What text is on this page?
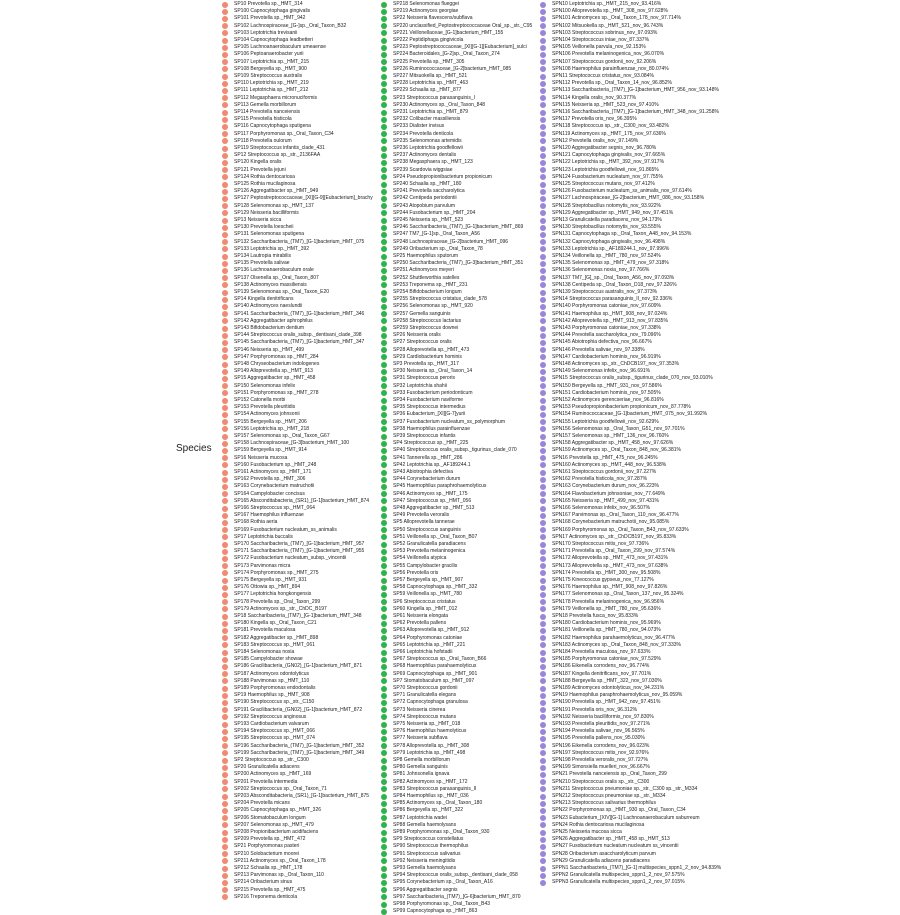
Species
SP10 Prevotella sp._HMT_314
SP100 Capnocytophaga gingivalis
SP101 Prevotella sp._HMT_942
SP102 Lachnospiraceae_[G-]sp._Oral_Taxon_B32
SP103 Leptotrichia trevisanii
SP104 Capnocytophaga leadbetteri
SP105 Lachnoanaerobaculum umeaense
SP106 Peptoanaerobacter yurii
SP107 Leptotrichia sp._HMT_215
SP108 Bergeyella sp._HMT_900
SP109 Streptococcus australis
SP110 Leptotrichia sp._HMT_219
SP111 Leptotrichia sp._HMT_212
SP112 Megasphaera micronuciformis
SP113 Gemella morbillorum
SP114 Prevotella nanceiensis
SP115 Prevotella histicola
SP116 Capnocytophaga sputigena
SP117 Porphyromonas sp._Oral_Taxon_C34
SP118 Prevotella oulorum
SP119 Streptococcus infantis_clade_431
SP12 Streptococcus sp._str._2136FAA
SP120 Kingella oralis
SP121 Prevotella jejuni
SP124 Rothia dentocariosa
SP125 Rothia mucilaginosa
SP126 Aggregatibacter sp._HMT_949
SP127 Peptostreptococcaceae_[XI][G-9][Eubacterium]_brachy
SP128 Selenomonas sp._HMT_137
SP129 Neisseria bacilliformis
SP13 Neisseria sicca
SP130 Prevotella loescheii
SP131 Selenomonas sputigena
SP132 Saccharibacteria_(TM7)_[G-1]bacterium_HMT_075
SP133 Leptotrichia sp._HMT_392
SP134 Lautropia mirabilis
SP135 Prevotella salivae
SP136 Lachnoanaerobaculum orale
SP137 Olsenella sp._Oral_Taxon_807
SP138 Actinomyces massiliensis
SP139 Selenomonas sp._Oral_Taxon_E20
SP14 Kingella denitrificans
SP140 Actinomyces naeslundii
SP141 Saccharibacteria_(TM7)_[G-1]bacterium_HMT_346
SP142 Aggregatibacter aphrophilus
SP143 Bifidobacterium dentium
SP144 Streptococcus oralis_subsp._dentisani_clade_398
SP145 Saccharibacteria_(TM7)_[G-1]bacterium_HMT_347
SP146 Neisseria sp._HMT_499
SP147 Porphyromonas sp._HMT_284
SP148 Chryseobacterium indologenes
SP149 Alloprevotella sp._HMT_913
SP15 Aggregatibacter sp._HMT_458
SP150 Selenomonas infelix
SP151 Porphyromonas sp._HMT_278
SP152 Catonella morbi
SP153 Prevotella pleuritidis
SP154 Actinomyces johnsonii
SP155 Bergeyella sp._HMT_206
SP156 Leptotrichia sp._HMT_218
SP157 Selenomonas sp._Oral_Taxon_G67
SP158 Lachnospiraceae_[G-3]bacterium_HMT_100
SP159 Bergeyella sp._HMT_914
SP16 Neisseria mucosa
SP160 Fusobacterium sp._HMT_248
SP161 Actinomyces sp._HMT_171
SP162 Prevotella sp._HMT_306
SP163 Corynebacterium matruchotii
SP164 Campylobacter concisus
SP165 Absconditabacteria_(SR1)_[G-1]bacterium_HMT_874
SP166 Streptococcus sp._HMT_064
SP167 Haemophilus influenzae
SP168 Rothia aeria
SP169 Fusobacterium nucleatum_ss_animalis
SP17 Leptotrichia buccalis
SP170 Saccharibacteria_(TM7)_[G-1]bacterium_HMT_957
SP171 Saccharibacteria_(TM7)_[G-1]bacterium_HMT_955
SP172 Fusobacterium nucleatum_subsp._vincentii
SP173 Parvimonas micra
SP174 Porphyromonas sp._HMT_275
SP175 Bergeyella sp._HMT_931
SP176 Ottowia sp._HMT_894
SP177 Leptotrichia hongkongensis
SP178 Prevotella sp._Oral_Taxon_299
SP179 Actinomyces sp._str._ChDC_B197
SP18 Saccharibacteria_(TM7)_[G-1]bacterium_HMT_348
SP180 Kingella sp._Oral_Taxon_C21
SP181 Prevotella maculosa
SP182 Aggregatibacter sp._HMT_898
SP183 Streptococcus sp._HMT_061
SP184 Selenomonas noxia
SP185 Campylobacter showae
SP186 Gracilibacteria_(GN02)_[G-1]bacterium_HMT_871
SP187 Actinomyces odontolyticus
SP188 Parvimonas sp._HMT_110
SP189 Porphyromonas endodontalis
SP19 Haemophilus sp._HMT_908
SP190 Streptococcus sp._str._C150
SP191 Gracilibacteria_(GN02)_[G-1]bacterium_HMT_872
SP192 Streptococcus anginosus
SP193 Cardiobacterium valvarum
SP194 Streptococcus sp._HMT_066
SP195 Streptococcus sp._HMT_074
SP196 Saccharibacteria_(TM7)_[G-1]bacterium_HMT_352
SP199 Saccharibacteria_(TM7)_[G-1]bacterium_HMT_349
SP2 Streptococcus sp._str._C300
SP20 Granulicatella adiacens
SP200 Actinomyces sp._HMT_169
SP201 Prevotella intermedia
SP202 Streptococcus sp._Oral_Taxon_71
SP203 Absconditabacteria_(SR1)_[G-1]bacterium_HMT_875
SP204 Prevotella micans
SP205 Capnocytophaga sp._HMT_326
SP206 Stomatobaculum longum
SP207 Selenomonas sp._HMT_479
SP208 Propionibacterium acidifaciens
SP209 Prevotella sp._HMT_472
SP21 Porphyromonas pasteri
SP210 Solobacterium moorei
SP211 Actinomyces sp._Oral_Taxon_178
SP212 Schaalia sp._HMT_178
SP213 Parvimonas sp._Oral_Taxon_110
SP214 Oribacterium sinus
SP215 Prevotella sp._HMT_475
SP216 Treponema denticola
SP218 Selenomonas flueggei
SP219 Actinomyces georgiae
SP22 Neisseria flavescens/subflava
SP220 unclassified_Peptostreptococcaceae Oral_sp._str._C95
SP221 Veillonellaceae_[G-1]bacterium_HMT_155
SP222 Peptidiphaga gingivicola
SP223 Peptostreptococcaceae_[XI][G-1][Eubacterium]_sulci
SP224 Bacteroidales_[G-2]sp._Oral_Taxon_274
SP225 Prevotella sp._HMT_305
SP226 Ruminococcaceae_[G-2]bacterium_HMT_085
SP227 Mitsuokella sp._HMT_521
SP228 Leptotrichia sp._HMT_463
SP229 Schaalia sp._HMT_877
SP23 Streptococcus parasanguinis_I
SP230 Actinomyces sp._Oral_Taxon_848
SP231 Leptotrichia sp._HMT_879
SP232 Colibacter massiliensis
SP233 Dialister invisus
SP234 Prevotella denticola
SP235 Selenomonas artemidis
SP236 Leptotrichia goodfellowii
SP237 Actinomyces dentalis
SP238 Megasphaera sp._HMT_123
SP239 Scardovia wiggsiae
SP24 Pseudopropionibacterium propionicum
SP240 Schaalia sp._HMT_180
SP241 Prevotella saccharolytica
SP242 Centipeda periodontii
SP243 Atopobium parvulum
SP244 Fusobacterium sp._HMT_204
SP245 Neisseria sp._HMT_523
SP246 Saccharibacteria_(TM7)_[G-1]bacterium_HMT_869
SP247 TM7_[G-1]sp._Oral_Taxon_A56
SP248 Lachnospiraceae_[G-2]bacterium_HMT_096
SP249 Oribacterium sp._Oral_Taxon_78
SP25 Haemophilus sputorum
SP250 Saccharibacteria_(TM7)_[G-3]bacterium_HMT_351
SP251 Actinomyces meyeri
SP252 Shuttleworthia satelles
SP253 Treponema sp._HMT_231
SP254 Bifidobacterium longum
SP255 Streptococcus cristatus_clade_578
SP256 Selenomonas sp._HMT_920
SP257 Gemella sanguinis
SP258 Streptococcus lactarius
SP259 Streptococcus downei
SP26 Neisseria oralis
SP27 Streptococcus oralis
SP28 Alloprevotella sp._HMT_473
SP29 Cardiobacterium hominis
SP3 Prevotella sp._HMT_317
SP30 Neisseria sp._Oral_Taxon_14
SP31 Streptococcus peroris
SP32 Leptotrichia shahii
SP33 Fusobacterium periodonticum
SP34 Fusobacterium naviforme
SP35 Streptococcus intermedius
SP36 Eubacterium_[XI][G-7]yurii
SP37 Fusobacterium nucleatum_ss_polymorphum
SP38 Haemophilus parainfluenzae
SP39 Streptococcus infantis
SP4 Streptococcus sp._HMT_225
SP40 Streptococcus oralis_subsp._tigurinus_clade_070
SP41 Tannerella sp._HMT_286
SP42 Leptotrichia sp._AF189244.1
SP43 Abiotrophia defectiva
SP44 Corynebacterium durum
SP45 Haemophilus paraphrohaemolyticus
SP46 Actinomyces sp._HMT_175
SP47 Streptococcus sp._HMT_056
SP48 Aggregatibacter sp._HMT_513
SP49 Prevotella veroralis
SP5 Alloprevotella tannerae
SP50 Streptococcus sanguinis
SP51 Veillonella sp._Oral_Taxon_B07
SP52 Granulicatella paradiacens
SP53 Prevotella melaninogenica
SP54 Veillonella atypica
SP55 Campylobacter gracilis
SP56 Prevotella oris
SP57 Bergeyella sp._HMT_907
SP58 Capnocytophaga sp._HMT_332
SP59 Veillonella sp._HMT_780
SP6 Streptococcus cristatus
SP60 Kingella sp._HMT_012
SP61 Neisseria elongata
SP62 Prevotella pallens
SP63 Alloprevotella sp._HMT_912
SP64 Porphyromonas catoniae
SP65 Leptotrichia sp._HMT_221
SP66 Leptotrichia hofstadii
SP67 Streptococcus sp._Oral_Taxon_B66
SP68 Haemophilus parahaemolyticus
SP69 Capnocytophaga sp._HMT_901
SP7 Stomatobaculum sp._HMT_097
SP70 Streptococcus gordonii
SP71 Granulicatella elegans
SP72 Capnocytophaga granulosa
SP73 Neisseria cinerea
SP74 Streptococcus mutans
SP75 Neisseria sp._HMT_018
SP76 Haemophilus haemolyticus
SP77 Neisseria subflava
SP78 Alloprevotella sp._HMT_308
SP79 Leptotrichia sp._HMT_498
SP8 Gemella morbillorum
SP80 Gemella sanguinis
SP81 Johnsonella ignava
SP82 Actinomyces sp._HMT_172
SP83 Streptococcus parasanguinis_II
SP84 Haemophilus sp._HMT_036
SP85 Actinomyces sp._Oral_Taxon_180
SP86 Bergeyella sp._HMT_322
SP87 Leptotrichia wadei
SP88 Gemella haemolysans
SP89 Porphyromonas sp._Oral_Taxon_930
SP9 Streptococcus constellatus
SP90 Streptococcus thermophilus
SP91 Streptococcus salivarius
SP92 Neisseria meningitidis
SP93 Gemella haemolysans
SP94 Streptococcus oralis_subsp._dentisani_clade_058
SP95 Corynebacterium sp._Oral_Taxon_A16
SP96 Aggregatibacter segnis
SP97 Saccharibacteria_(TM7)_[G-6]bacterium_HMT_870
SP98 Porphyromonas sp._Oral_Taxon_B43
SP99 Capnocytophaga sp._HMT_863
SPN10 Leptotrichia sp._HMT_215_nov_93.416%
SPN100 Alloprevotella sp._HMT_308_nov_97.628%
SPN101 Actinomyces sp._Oral_Taxon_178_nov_97.714%
SPN102 Mitsuokella sp._HMT_521_nov_96.743%
SPN103 Streptococcus sobrinus_nov_97.093%
SPN104 Streptococcus iniae_nov_87.337%
SPN105 Veillonella parvula_nov_92.153%
SPN106 Prevotella melaninogenica_nov_96.070%
SPN107 Streptococcus gordonii_nov_92.206%
SPN108 Haemophilus parainfluenzae_nov_80.074%
SPN11 Streptococcus cristatus_nov_93.084%
SPN112 Prevotella sp._Oral_Taxon_14_nov_96.852%
SPN113 Saccharibacteria_(TM7)_[G-1]bacterium_HMT_956_nov_93.148%
SPN114 Kingella oralis_nov_90.377%
SPN115 Neisseria sp._HMT_523_nov_97.410%
SPN116 Saccharibacteria_(TM7)_[G-1]bacterium_HMT_348_nov_91.258%
SPN117 Prevotella oris_nov_96.395%
SPN118 Streptococcus sp._str._C300_nov_93.482%
SPN119 Actinomyces sp._HMT_175_nov_97.636%
SPN12 Prevotella oralis_nov_97.149%
SPN120 Aggregatibacter segnis_nov_96.780%
SPN121 Capnocytophaga gingivalis_nov_97.665%
SPN122 Leptotrichia sp._HMT_392_nov_97.917%
SPN123 Leptotrichia goodfellowii_nov_91.865%
SPN124 Fusobacterium nucleatum_nov_97.755%
SPN125 Streptococcus mutans_nov_97.412%
SPN126 Fusobacterium nucleatum_ss_animalis_nov_97.614%
SPN127 Lachnospiraceae_[G-2]bacterium_HMT_086_nov_93.158%
SPN128 Streptobacillus notomytis_nov_93.922%
SPN129 Aggregatibacter sp._HMT_949_nov_97.451%
SPN13 Granulicatella paradiacens_nov_94.173%
SPN130 Streptobacillus notomytis_nov_93.555%
SPN131 Capnocytophaga sp._Oral_Taxon_A48_nov_94.153%
SPN132 Capnocytophaga gingivalis_nov_96.498%
SPN133 Leptotrichia sp._AF189244.1_nov_97.996%
SPN134 Veillonella sp._HMT_780_nov_97.524%
SPN135 Selenomonas sp._HMT_479_nov_97.318%
SPN136 Selenomonas noxia_nov_97.766%
SPN137 TM7_[G]_sp._Oral_Taxon_A56_nov_97.093%
SPN138 Centipeda sp._Oral_Taxon_D18_nov_97.326%
SPN139 Streptococcus australis_nov_97.373%
SPN14 Streptococcus parasanguinis_II_nov_92.336%
SPN140 Porphyromonas catoniae_nov_97.609%
SPN141 Haemophilus sp._HMT_908_nov_97.024%
SPN142 Alloprevotella sp._HMT_913_nov_97.835%
SPN143 Porphyromonas catoniae_nov_97.338%
SPN144 Prevotella saccharolytica_nov_79.096%
SPN145 Abiotrophia defectiva_nov_96.667%
SPN146 Prevotella salivae_nov_97.338%
SPN147 Cardiobacterium hominis_nov_96.919%
SPN148 Actinomyces sp._str._ChDCB197_nov_97.353%
SPN149 Selenomonas infelix_nov_96.691%
SPN15 Streptococcus oralis_subsp._tigurinus_clade_070_nov_93.010%
SPN150 Bergeyella sp._HMT_931_nov_97.586%
SPN151 Cardiobacterium hominis_nov_97.505%
SPN152 Actinomyces gerencseriae_nov_96.816%
SPN153 Pseudopropionibacterium propionicum_nov_87.778%
SPN154 Ruminococcaceae_[G-1]bacterium_HMT_075_nov_91.992%
SPN155 Leptotrichia goodfellowii_nov_92.629%
SPN156 Selenomonas sp._Oral_Taxon_G51_nov_97.701%
SPN157 Selenomonas sp._HMT_136_nov_96.760%
SPN158 Aggregatibacter sp._HMT_458_nov_97.626%
SPN159 Actinomyces sp._Oral_Taxon_848_nov_96.381%
SPN16 Prevotella sp._HMT_475_nov_96.245%
SPN160 Actinomyces sp._HMT_448_nov_96.538%
SPN161 Streptococcus gordonii_nov_97.227%
SPN162 Prevotella histicola_nov_97.287%
SPN163 Corynebacterium durum_nov_96.223%
SPN164 Flavobacterium johnsoniae_nov_77.649%
SPN165 Neisseria sp._HMT_499_nov_97.431%
SPN166 Selenomonas infelix_nov_96.507%
SPN167 Parvimonas sp._Oral_Taxon_110_nov_96.477%
SPN168 Corynebacterium matruchotii_nov_95.085%
SPN169 Porphyromonas sp._Oral_Taxon_B43_nov_97.633%
SPN17 Actinomyces sp._str._ChDCB197_nov_95.833%
SPN170 Streptococcus mitis_nov_97.736%
SPN171 Prevotella sp._Oral_Taxon_299_nov_97.574%
SPN172 Alloprevotella sp._HMT_473_nov_97.431%
SPN173 Alloprevotella sp._HMT_473_nov_97.638%
SPN174 Prevotella sp._HMT_300_nov_95.508%
SPN175 Kineococcus gypseus_nov_77.127%
SPN176 Haemophilus sp._HMT_908_nov_97.826%
SPN177 Selenomonas sp._Oral_Taxon_137_nov_95.324%
SPN178 Prevotella melaninogenica_nov_96.956%
SPN179 Veillonella sp._HMT_780_nov_95.636%
SPN18 Prevotella fusca_nov_95.833%
SPN180 Cardiobacterium hominis_nov_95.969%
SPN181 Veillonella sp._HMT_780_nov_94.073%
SPN182 Haemophilus parahaemolyticus_nov_96.477%
SPN183 Actinomyces sp._Oral_Taxon_848_nov_97.333%
SPN184 Prevotella maculosa_nov_97.633%
SPN185 Porphyromonas catoniae_nov_97.529%
SPN186 Eikenella corrodens_nov_96.774%
SPN187 Kingella denitrificans_nov_97.701%
SPN188 Bergeyella sp._HMT_322_nov_97.030%
SPN189 Actinomyces odontolyticus_nov_94.231%
SPN19 Haemophilus paraphrohaemolyticus_nov_95.059%
SPN190 Prevotella sp._HMT_942_nov_97.451%
SPN191 Prevotella oris_nov_96.312%
SPN192 Neisseria bacilliformis_nov_97.830%
SPN193 Prevotella pleuritidis_nov_97.271%
SPN194 Prevotella salivae_nov_96.565%
SPN195 Prevotella pallens_nov_95.030%
SPN196 Eikenella corrodens_nov_96.023%
SPN197 Streptococcus mitis_nov_92.976%
SPN198 Prevotella veroralis_nov_97.727%
SPN199 Simonsiella muelleri_nov_96.667%
SPN21 Prevotella nanceiensis sp._Oral_Taxon_299
SPN210 Streptococcus oralis sp._str._C300
SPN211 Streptococcus pneumoniae sp._str._C300 sp._str._M334
SPN212 Streptococcus pneumoniae sp._str._M334
SPN213 Streptococcus salivarius thermophilus
SPN22 Porphyromonas sp._HMT_930 sp._Oral_Taxon_C34
SPN23 Eubacterium_[XIV][G-1] Lachnoanaerobaculum saburreum
SPN24 Rothia dentocariosa mucilaginosa
SPN25 Neisseria mucosa sicca
SPN26 Aggregatibacter sp._HMT_458 sp._HMT_513
SPN27 Fusobacterium nucleatum nucleatum ss_vincentii
SPN28 Oribacterium asaccharolyticum parvum
SPN29 Granulicatella adiacens paradiacens
SPPN1 Saccharibacteria_(TM7)_[G-1] multispecies_sppn1_2_nov_94.839%
SPPN2 Granulicatella multispecies_sppn1_2_nov_97.575%
SPPN3 Granulicatella multispecies_sppn1_2_nov_97.015%
